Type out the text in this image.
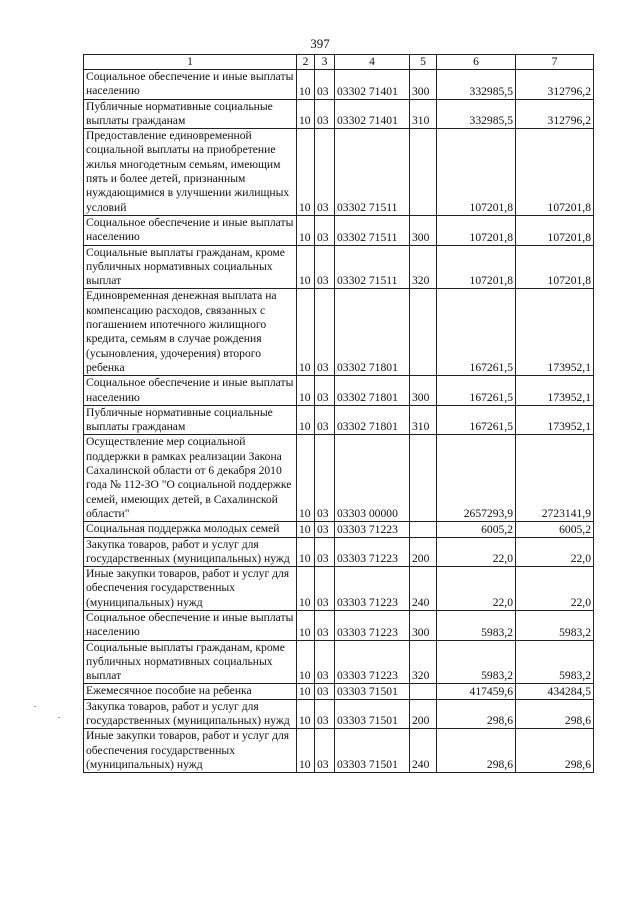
397
1	2	3	4	5	6	7
Социальное обеспечение и иные выплаты населению	10	03	03302 71401	300	332985,5	312796,2
Публичные нормативные социальные выплаты гражданам	10	03	03302 71401	310	332985,5	312796,2
Предоставление единовременной социальной выплаты на приобретение жилья многодетным семьям, имеющим пять и более детей, признанным нуждающимися в улучшении жилищных условий	10	03	03302 71511		107201,8	107201,8
Социальное обеспечение и иные выплаты населению	10	03	03302 71511	300	107201,8	107201,8
Социальные выплаты гражданам, кроме публичных нормативных социальных выплат	10	03	03302 71511	320	107201,8	107201,8
Единовременная денежная выплата на компенсацию расходов, связанных с погашением ипотечного жилищного кредита, семьям в случае рождения (усыновления, удочерения) второго ребенка	10	03	03302 71801		167261,5	173952,1
Социальное обеспечение и иные выплаты населению	10	03	03302 71801	300	167261,5	173952,1
Публичные нормативные социальные выплаты гражданам	10	03	03302 71801	310	167261,5	173952,1
Осуществление мер социальной поддержки в рамках реализации Закона Сахалинской области от 6 декабря 2010 года № 112-ЗО "О социальной поддержке семей, имеющих детей, в Сахалинской области"	10	03	03303 00000		2657293,9	2723141,9
Социальная поддержка молодых семей	10	03	03303 71223		6005,2	6005,2
Закупка товаров, работ и услуг для государственных (муниципальных) нужд	10	03	03303 71223	200	22,0	22,0
Иные закупки товаров, работ и услуг для обеспечения государственных (муниципальных) нужд	10	03	03303 71223	240	22,0	22,0
Социальное обеспечение и иные выплаты населению	10	03	03303 71223	300	5983,2	5983,2
Социальные выплаты гражданам, кроме публичных нормативных социальных выплат	10	03	03303 71223	320	5983,2	5983,2
Ежемесячное пособие на ребенка	10	03	03303 71501		417459,6	434284,5
Закупка товаров, работ и услуг для государственных (муниципальных) нужд	10	03	03303 71501	200	298,6	298,6
Иные закупки товаров, работ и услуг для обеспечения государственных (муниципальных) нужд	10	03	03303 71501	240	298,6	298,6
